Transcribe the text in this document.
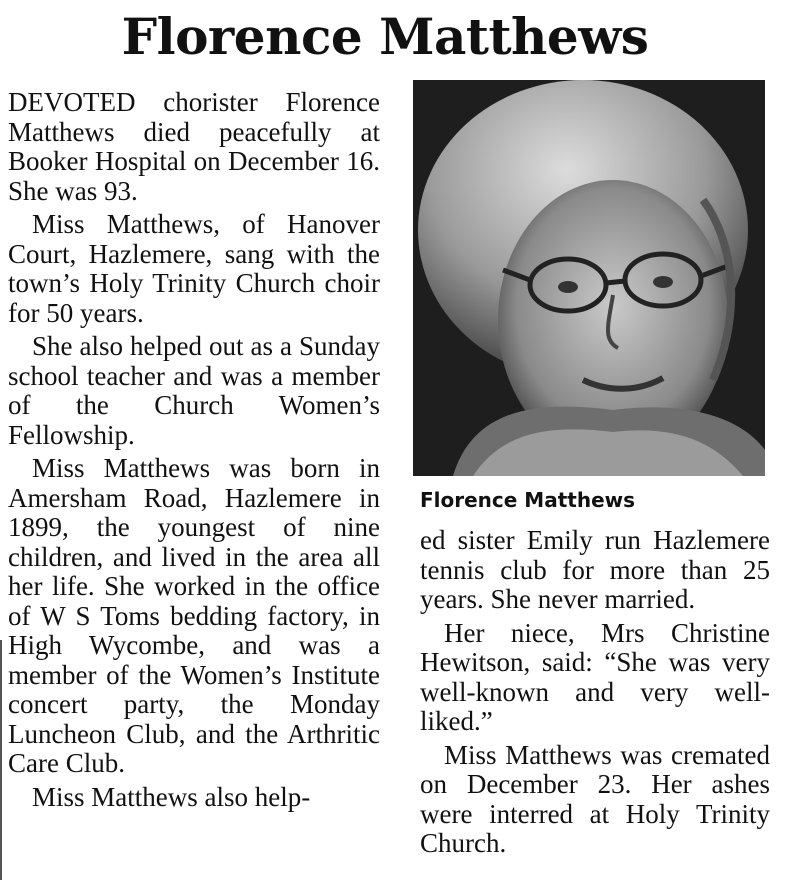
Florence Matthews

DEVOTED chorister Florence Matthews died peacefully at Booker Hospital on December 16. She was 93.

Miss Matthews, of Hanover Court, Hazlemere, sang with the town’s Holy Trinity Church choir for 50 years.

She also helped out as a Sunday school teacher and was a member of the Church Women’s Fellowship.

Miss Matthews was born in Amersham Road, Hazlemere in 1899, the youngest of nine children, and lived in the area all her life. She worked in the office of W S Toms bedding factory, in High Wycombe, and was a member of the Women’s Institute concert party, the Monday Luncheon Club, and the Arthritic Care Club.

Miss Matthews also help-

Florence Matthews

ed sister Emily run Hazlemere tennis club for more than 25 years. She never married.

Her niece, Mrs Christine Hewitson, said: “She was very well-known and very well-liked.”

Miss Matthews was cremated on December 23. Her ashes were interred at Holy Trinity Church.
